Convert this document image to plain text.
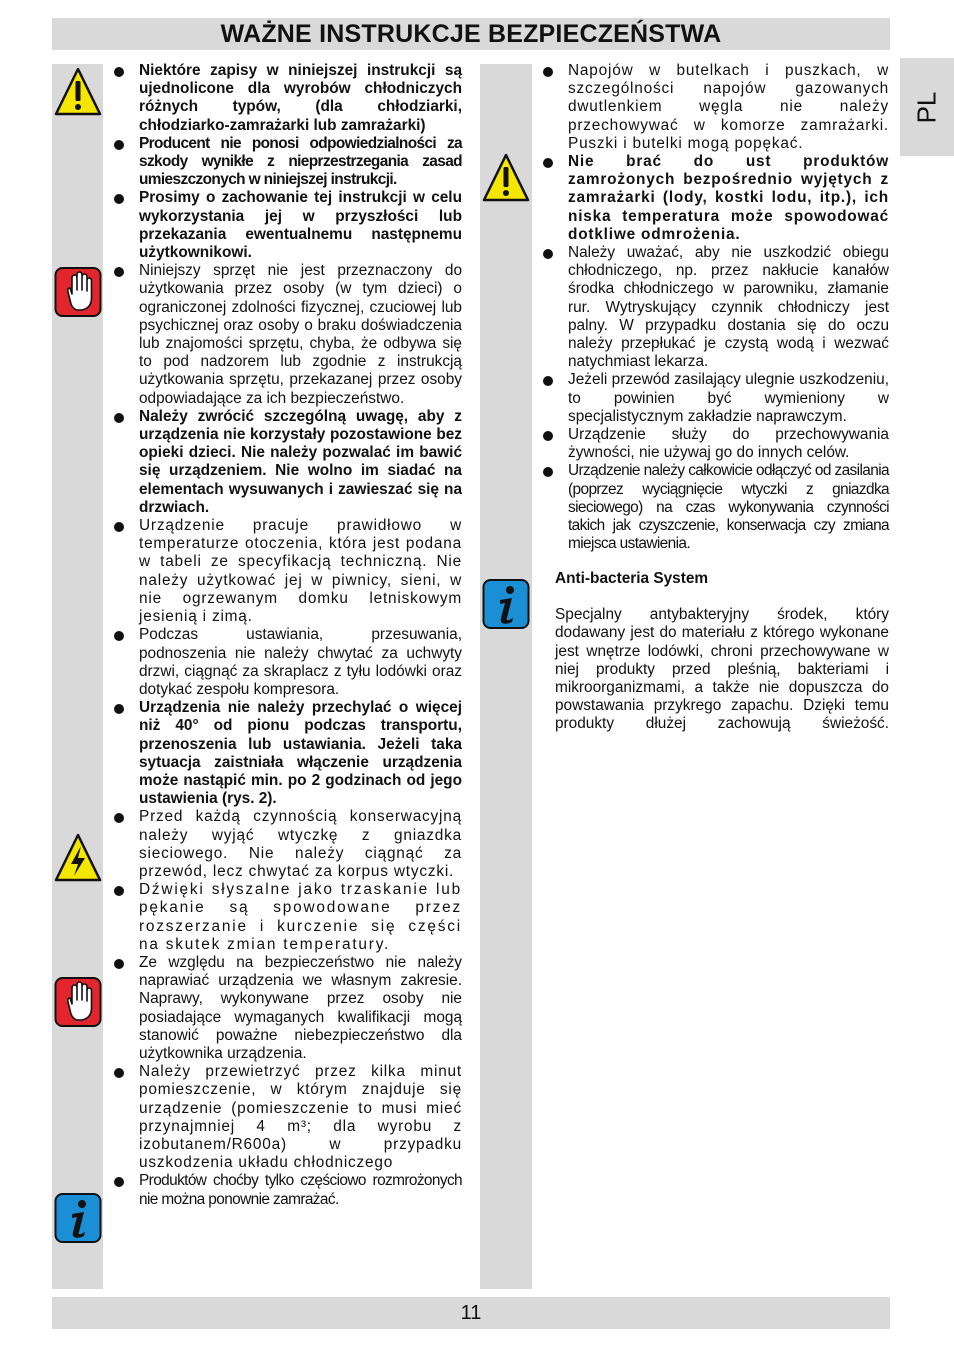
WAŻNE INSTRUKCJE BEZPIECZEŃSTWA
PL
Niektóre zapisy w niniejszej instrukcji są ujednolicone dla wyrobów chłodniczych różnych typów, (dla chłodziarki, chłodziarko-zamrażarki lub zamrażarki)
Producent nie ponosi odpowiedzialności za szkody wynikłe z nieprzestrzegania zasad umieszczonych w niniejszej instrukcji.
Prosimy o zachowanie tej instrukcji w celu wykorzystania jej w przyszłości lub przekazania ewentualnemu następnemu użytkownikowi.
Niniejszy sprzęt nie jest przeznaczony do użytkowania przez osoby (w tym dzieci) o ograniczonej zdolności fizycznej, czuciowej lub psychicznej oraz osoby o braku doświadczenia lub znajomości sprzętu, chyba, że odbywa się to pod nadzorem lub zgodnie z instrukcją użytkowania sprzętu, przekazanej przez osoby odpowiadające za ich bezpieczeństwo.
Należy zwrócić szczególną uwagę, aby z urządzenia nie korzystały pozostawione bez opieki dzieci. Nie należy pozwalać im bawić się urządzeniem. Nie wolno im siadać na elementach wysuwanych i zawieszać się na drzwiach.
Urządzenie pracuje prawidłowo w temperaturze otoczenia, która jest podana w tabeli ze specyfikacją techniczną. Nie należy użytkować jej w piwnicy, sieni, w nie ogrzewanym domku letniskowym jesienią i zimą.
Podczas ustawiania, przesuwania, podnoszenia nie należy chwytać za uchwyty drzwi, ciągnąć za skraplacz z tyłu lodówki oraz dotykać zespołu kompresora.
Urządzenia nie należy przechylać o więcej niż 40° od pionu podczas transportu, przenoszenia lub ustawiania. Jeżeli taka sytuacja zaistniała włączenie urządzenia może nastąpić min. po 2 godzinach od jego ustawienia (rys. 2).
Przed każdą czynnością konserwacyjną należy wyjąć wtyczkę z gniazdka sieciowego. Nie należy ciągnąć za przewód, lecz chwytać za korpus wtyczki.
Dźwięki słyszalne jako trzaskanie lub pękanie są spowodowane przez rozszerzanie i kurczenie się części na skutek zmian temperatury.
Ze względu na bezpieczeństwo nie należy naprawiać urządzenia we własnym zakresie. Naprawy, wykonywane przez osoby nie posiadające wymaganych kwalifikacji mogą stanowić poważne niebezpieczeństwo dla użytkownika urządzenia.
Należy przewietrzyć przez kilka minut pomieszczenie, w którym znajduje się urządzenie (pomieszczenie to musi mieć przynajmniej 4 m³; dla wyrobu z izobutanem/R600a) w przypadku uszkodzenia układu chłodniczego
Produktów choćby tylko częściowo rozmrożonych nie można ponownie zamrażać.
Napojów w butelkach i puszkach, w szczególności napojów gazowanych dwutlenkiem węgla nie należy przechowywać w komorze zamrażarki. Puszki i butelki mogą popękać.
Nie brać do ust produktów zamrożonych bezpośrednio wyjętych z zamrażarki (lody, kostki lodu, itp.), ich niska temperatura może spowodować dotkliwe odmrożenia.
Należy uważać, aby nie uszkodzić obiegu chłodniczego, np. przez nakłucie kanałów środka chłodniczego w parowniku, złamanie rur. Wytryskujący czynnik chłodniczy jest palny. W przypadku dostania się do oczu należy przepłukać je czystą wodą i wezwać natychmiast lekarza.
Jeżeli przewód zasilający ulegnie uszkodzeniu, to powinien być wymieniony w specjalistycznym zakładzie naprawczym.
Urządzenie służy do przechowywania żywności, nie używaj go do innych celów.
Urządzenie należy całkowicie odłączyć od zasilania (poprzez wyciągnięcie wtyczki z gniazdka sieciowego) na czas wykonywania czynności takich jak czyszczenie, konserwacja czy zmiana miejsca ustawienia.
Anti-bacteria System

Specjalny antybakteryjny środek, który dodawany jest do materiału z którego wykonane jest wnętrze lodówki, chroni przechowywane w niej produkty przed pleśnią, bakteriami i mikroorganizmami, a także nie dopuszcza do powstawania przykrego zapachu. Dzięki temu produkty dłużej zachowują świeżość.

11
